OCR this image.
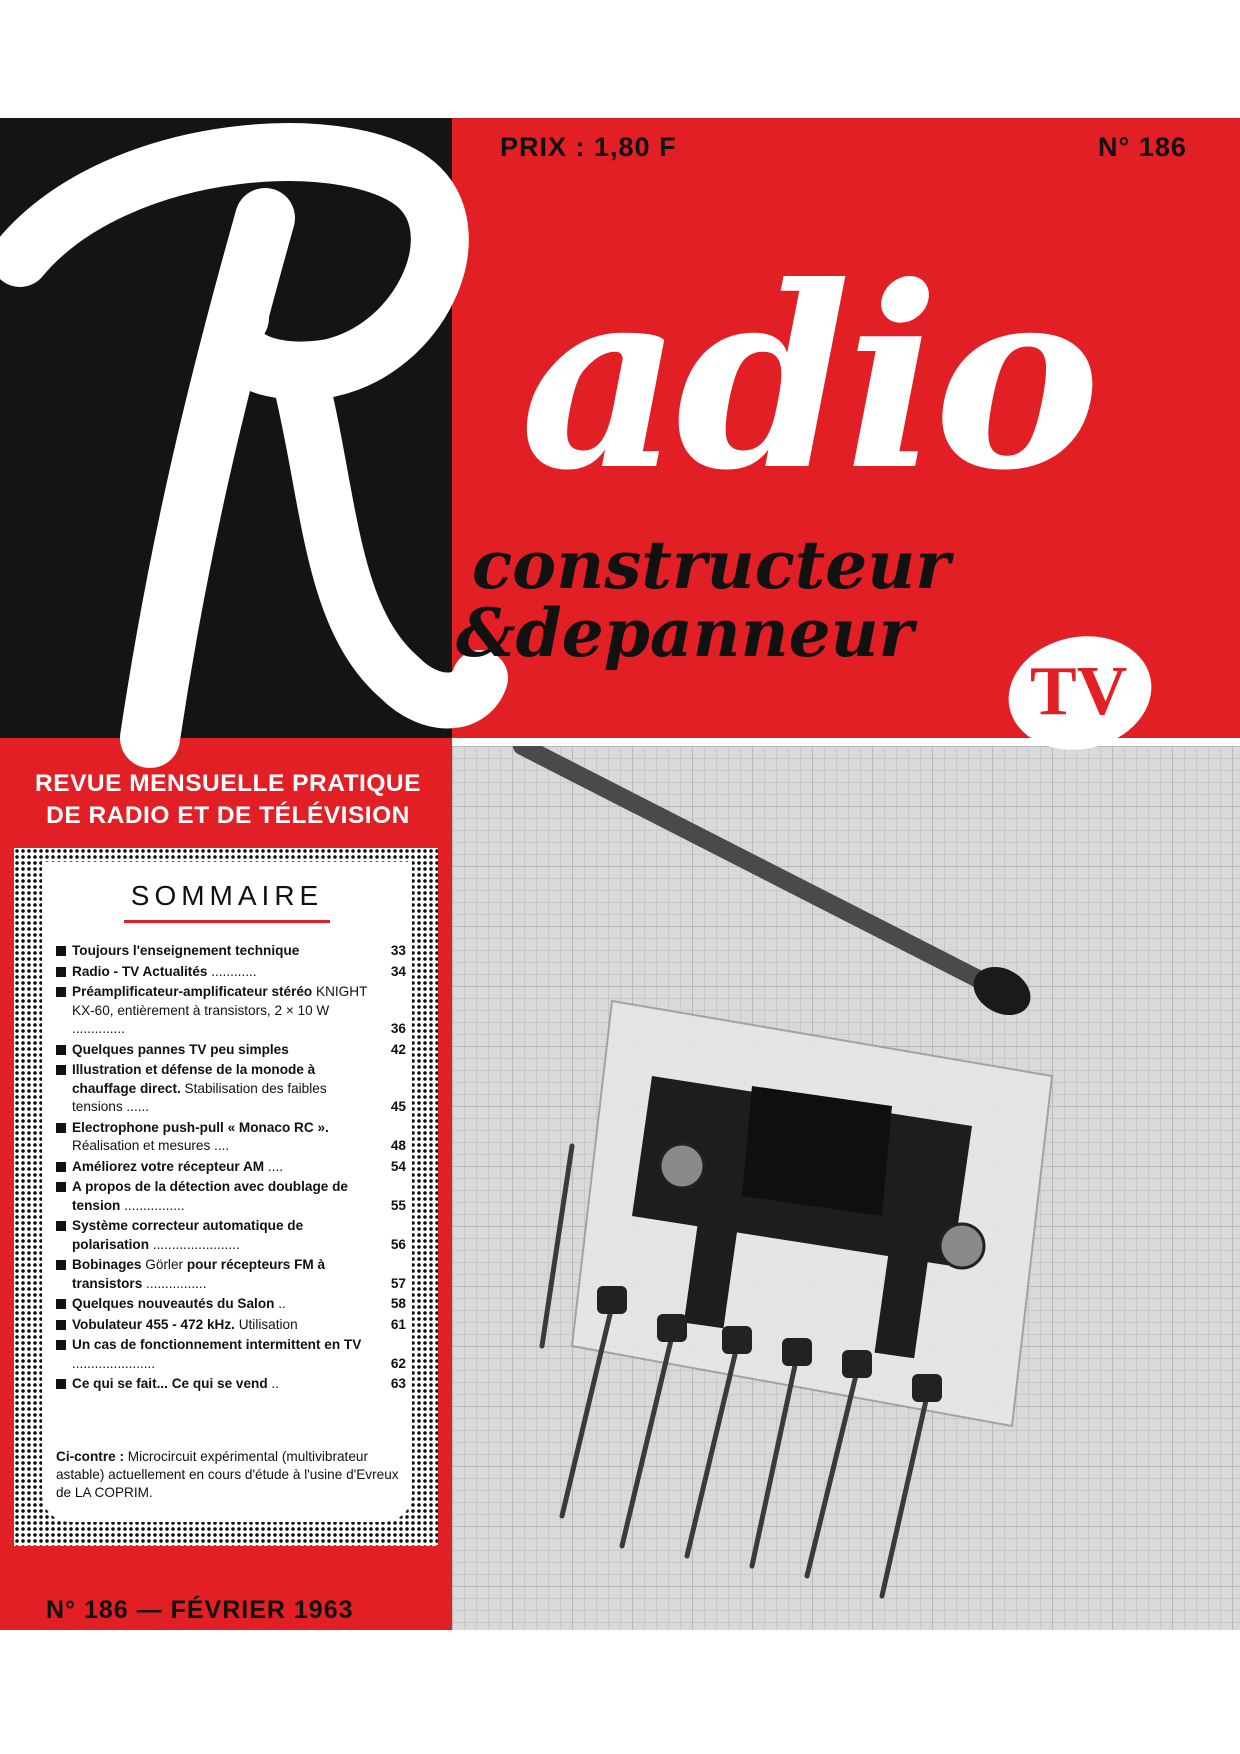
PRIX : 1,80 F	N° 186
adio
constructeur
&depanneur
TV
REVUE MENSUELLE PRATIQUE
DE RADIO ET DE TÉLÉVISION
SOMMAIRE
Toujours l'enseignement technique	33
Radio - TV Actualités ............	34
Préamplificateur-amplificateur stéréo KNIGHT KX-60, entièrement à transistors, 2 × 10 W ..............	36
Quelques pannes TV peu simples	42
Illustration et défense de la monode à chauffage direct. Stabilisation des faibles tensions ......	45
Electrophone push-pull « Monaco RC ». Réalisation et mesures ....	48
Améliorez votre récepteur AM ....	54
A propos de la détection avec doublage de tension ................	55
Système correcteur automatique de polarisation .......................	56
Bobinages Görler pour récepteurs FM à transistors ................	57
Quelques nouveautés du Salon ..	58
Vobulateur 455 - 472 kHz. Utilisation	61
Un cas de fonctionnement intermittent en TV ......................	62
Ce qui se fait... Ce qui se vend ..	63
Ci-contre : Microcircuit expérimental (multivibrateur astable) actuellement en cours d'étude à l'usine d'Evreux de LA COPRIM.
N° 186 — FÉVRIER 1963
